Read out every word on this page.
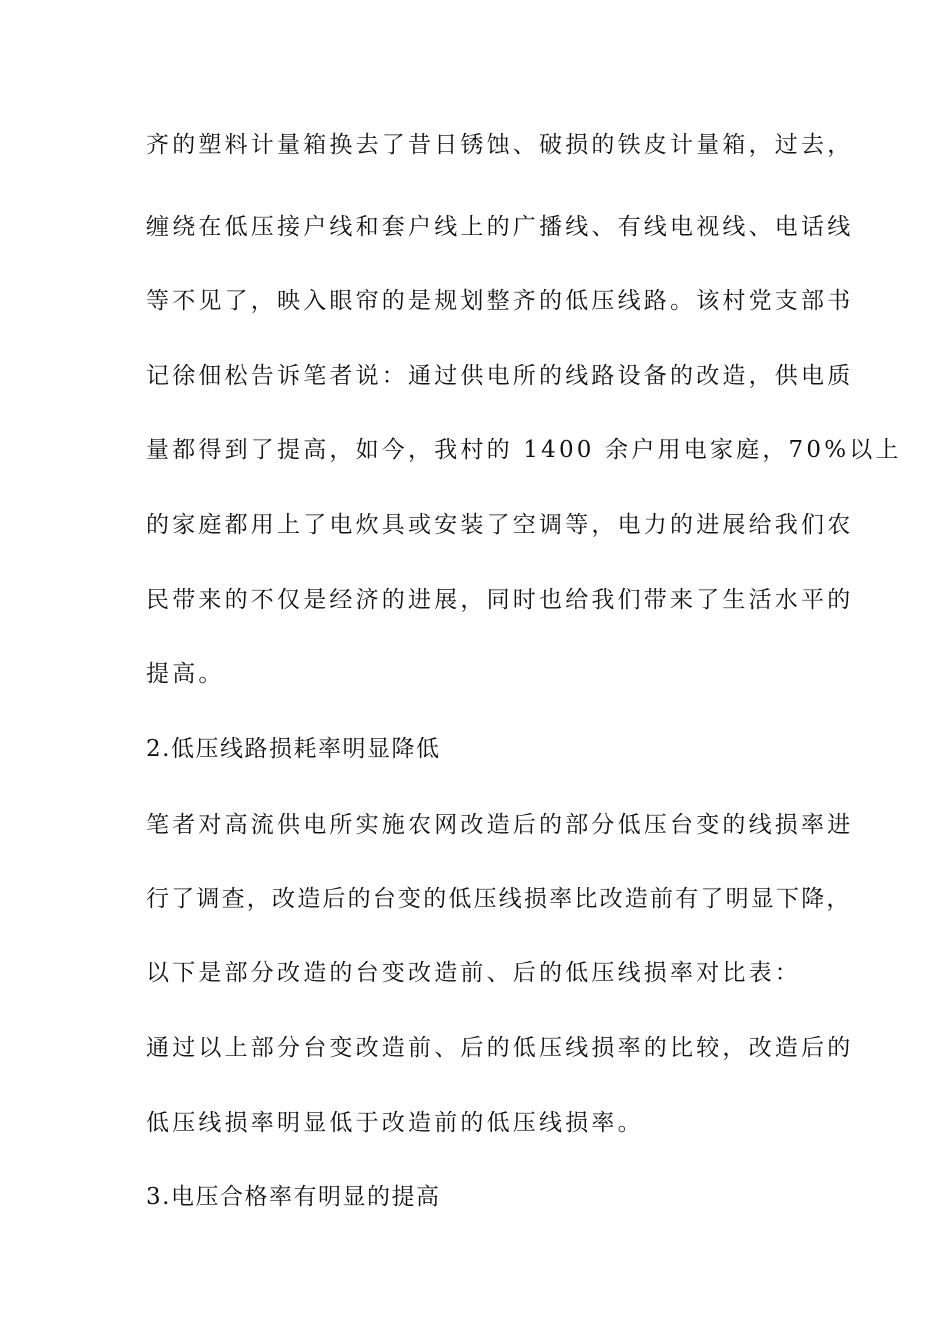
齐的塑料计量箱换去了昔日锈蚀、破损的铁皮计量箱，过去，
缠绕在低压接户线和套户线上的广播线、有线电视线、电话线
等不见了，映入眼帘的是规划整齐的低压线路。该村党支部书
记徐佃松告诉笔者说：通过供电所的线路设备的改造，供电质
量都得到了提高，如今，我村的 1400 余户用电家庭，70%以上
的家庭都用上了电炊具或安装了空调等，电力的进展给我们农
民带来的不仅是经济的进展，同时也给我们带来了生活水平的
提高。
2.低压线路损耗率明显降低
笔者对高流供电所实施农网改造后的部分低压台变的线损率进
行了调查，改造后的台变的低压线损率比改造前有了明显下降，
以下是部分改造的台变改造前、后的低压线损率对比表：
通过以上部分台变改造前、后的低压线损率的比较，改造后的
低压线损率明显低于改造前的低压线损率。
3.电压合格率有明显的提高
